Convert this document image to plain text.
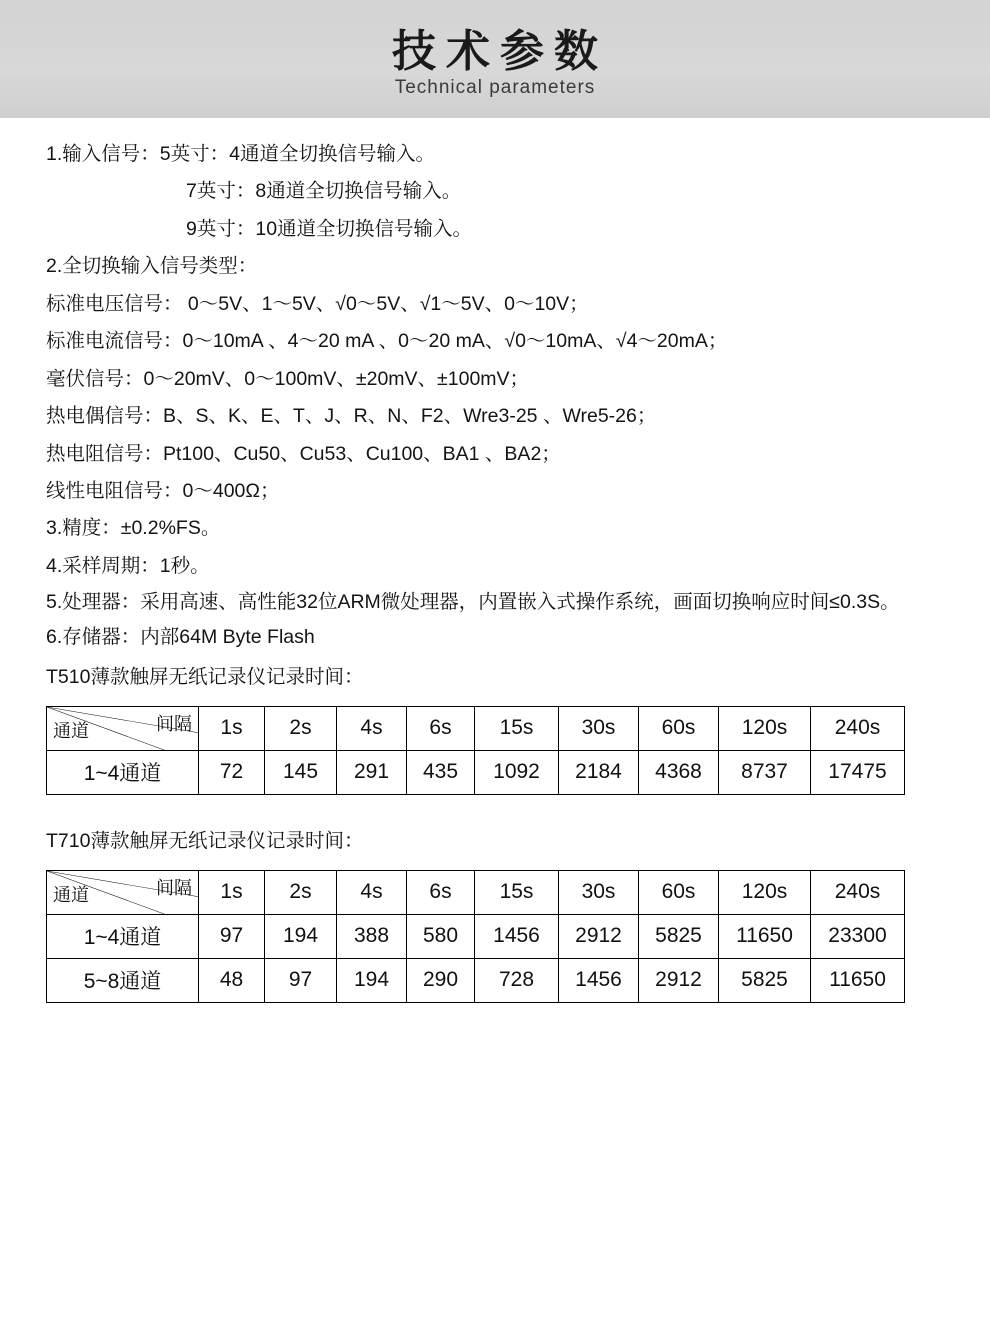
技术参数
Technical parameters
1.输入信号：5英寸：4通道全切换信号输入。
7英寸：8通道全切换信号输入。
9英寸：10通道全切换信号输入。
2.全切换输入信号类型：
标准电压信号： 0～5V、1～5V、√0～5V、√1～5V、0～10V；
标准电流信号：0～10mA 、4～20 mA 、0～20 mA、√0～10mA、√4～20mA；
毫伏信号：0～20mV、0～100mV、±20mV、±100mV；
热电偶信号：B、S、K、E、T、J、R、N、F2、Wre3-25 、Wre5-26；
热电阻信号：Pt100、Cu50、Cu53、Cu100、BA1 、BA2；
线性电阻信号：0～400Ω；
3.精度：±0.2%FS。
4.采样周期：1秒。
5.处理器：采用高速、高性能32位ARM微处理器，内置嵌入式操作系统，画面切换响应时间≤0.3S。
6.存储器：内部64M Byte Flash
T510薄款触屏无纸记录仪记录时间：
间隔
通道	1s	2s	4s	6s	15s	30s	60s	120s	240s
1~4通道	72	145	291	435	1092	2184	4368	8737	17475
T710薄款触屏无纸记录仪记录时间：
间隔
通道	1s	2s	4s	6s	15s	30s	60s	120s	240s
1~4通道	97	194	388	580	1456	2912	5825	11650	23300
5~8通道	48	97	194	290	728	1456	2912	5825	11650
